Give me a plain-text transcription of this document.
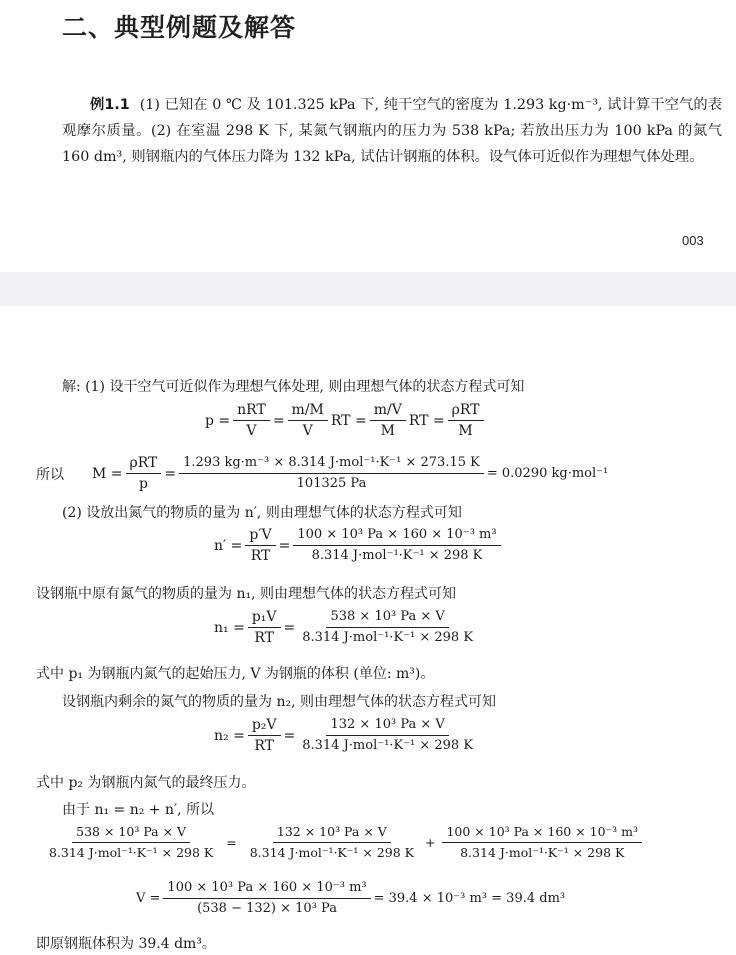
二、典型例题及解答
例1.1 (1) 已知在 0 ℃ 及 101.325 kPa 下, 纯干空气的密度为 1.293 kg·m⁻³, 试计算干空气的表观摩尔质量。(2) 在室温 298 K 下, 某氮气钢瓶内的压力为 538 kPa; 若放出压力为 100 kPa 的氮气 160 dm³, 则钢瓶内的气体压力降为 132 kPa, 试估计钢瓶的体积。设气体可近似作为理想气体处理。
003
解: (1) 设干空气可近似作为理想气体处理, 则由理想气体的状态方程式可知
$p = \frac{\text{nRT}}{V} = \frac{m/M}{V}$ RT = $\frac{m/V}{M}$ RT = $\frac{\text{ρRT}}{M}$
所以 $M = \frac{\text{ρRT}}{p} = \frac{\text{1.293 kg·m⁻³ × 8.314 J·mol⁻¹·K⁻¹ × 273.15 K}}{101325 Pa} = 0.0290$ kg·mol⁻¹
(2) 设放出氮气的物质的量为 n′, 则由理想气体的状态方程式可知
$n' = \frac{p'V}{RT} = \frac{\text{100 × 10³ Pa × 160 × 10⁻³ m³}}{\text{8.314 J·mol⁻¹·K⁻¹ × 298 K}}$
设钢瓶中原有氮气的物质的量为 n₁, 则由理想气体的状态方程式可知
$n_1 = \frac{\text{p₁V}}{RT} = \frac{\text{538 × 10³ Pa × V}}{\text{8.314 J·mol⁻¹·K⁻¹ × 298 K}}$
式中 p₁ 为钢瓶内氮气的起始压力, V 为钢瓶的体积 (单位: m³)。
设钢瓶内剩余的氮气的物质的量为 n₂, 则由理想气体的状态方程式可知
$n_2 = \frac{\text{p₂V}}{RT} = \frac{\text{132 × 10³ Pa × V}}{\text{8.314 J·mol⁻¹·K⁻¹ × 298 K}}$
式中 p₂ 为钢瓶内氮气的最终压力。
由于 n₁ = n₂ + n′, 所以
$\frac{\text{538 × 10³ Pa × V}}{\text{8.314 J·mol⁻¹·K⁻¹ × 298 K}} = \frac{\text{132 × 10³ Pa × V}}{\text{8.314 J·mol⁻¹·K⁻¹ × 298 K}} + \frac{\text{100 × 10³ Pa × 160 × 10⁻³ m³}}{\text{8.314 J·mol⁻¹·K⁻¹ × 298 K}}$
$V = \frac{\text{100 × 10³ Pa × 160 × 10⁻³ m³}}{\text{(538 − 132) × 10³ Pa}} = 39.4 \times 10^{-3}$ m³ = 39.4 dm³
即原钢瓶体积为 39.4 dm³。
